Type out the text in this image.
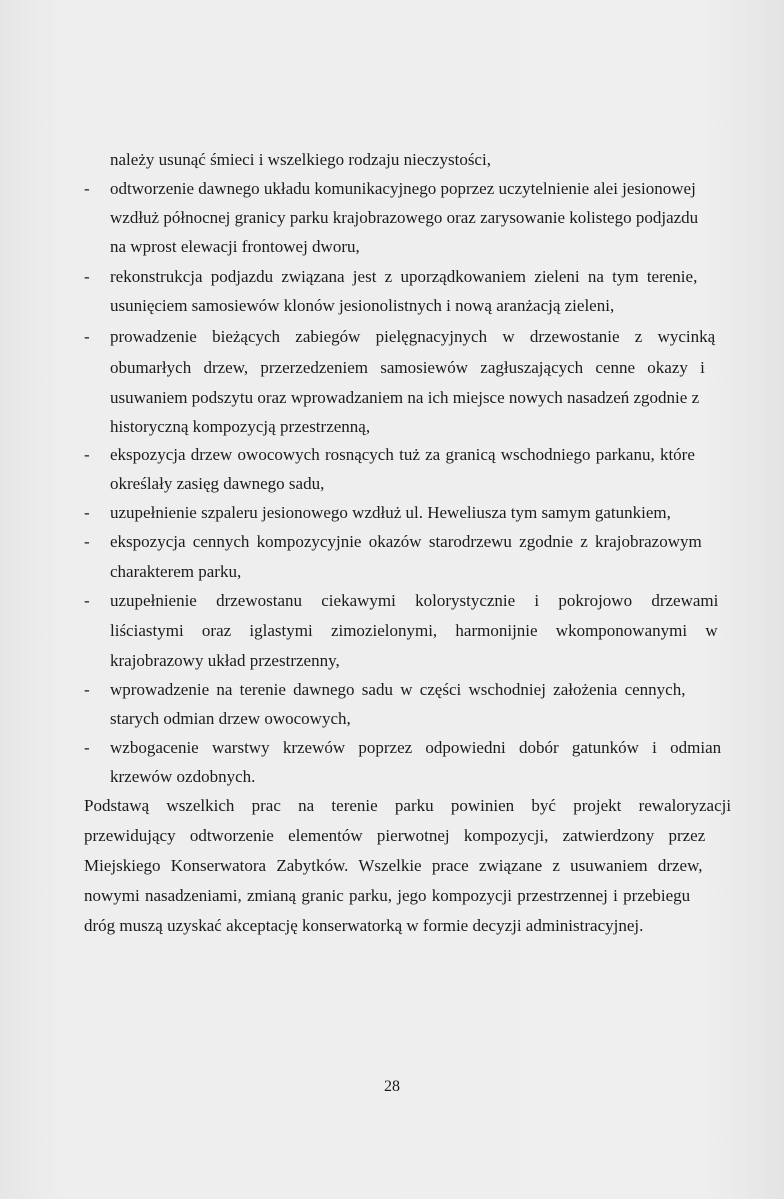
należy usunąć śmieci i wszelkiego rodzaju nieczystości,
- odtworzenie dawnego układu komunikacyjnego poprzez uczytelnienie alei jesionowej
wzdłuż północnej granicy parku krajobrazowego oraz zarysowanie kolistego podjazdu
na wprost elewacji frontowej dworu,
- rekonstrukcja podjazdu związana jest z uporządkowaniem zieleni na tym terenie,
usunięciem samosiewów klonów jesionolistnych i nową aranżacją zieleni,
- prowadzenie bieżących zabiegów pielęgnacyjnych w drzewostanie z wycinką
obumarłych drzew, przerzedzeniem samosiewów zagłuszających cenne okazy i
usuwaniem podszytu oraz wprowadzaniem na ich miejsce nowych nasadzeń zgodnie z
historyczną kompozycją przestrzenną,
- ekspozycja drzew owocowych rosnących tuż za granicą wschodniego parkanu, które
określały zasięg dawnego sadu,
- uzupełnienie szpaleru jesionowego wzdłuż ul. Heweliusza tym samym gatunkiem,
- ekspozycja cennych kompozycyjnie okazów starodrzewu zgodnie z krajobrazowym
charakterem parku,
- uzupełnienie drzewostanu ciekawymi kolorystycznie i pokrojowo drzewami
liściastymi oraz iglastymi zimozielonymi, harmonijnie wkomponowanymi w
krajobrazowy układ przestrzenny,
- wprowadzenie na terenie dawnego sadu w części wschodniej założenia cennych,
starych odmian drzew owocowych,
- wzbogacenie warstwy krzewów poprzez odpowiedni dobór gatunków i odmian
krzewów ozdobnych.
Podstawą wszelkich prac na terenie parku powinien być projekt rewaloryzacji
przewidujący odtworzenie elementów pierwotnej kompozycji, zatwierdzony przez
Miejskiego Konserwatora Zabytków. Wszelkie prace związane z usuwaniem drzew,
nowymi nasadzeniami, zmianą granic parku, jego kompozycji przestrzennej i przebiegu
dróg muszą uzyskać akceptację konserwatorką w formie decyzji administracyjnej.
28
